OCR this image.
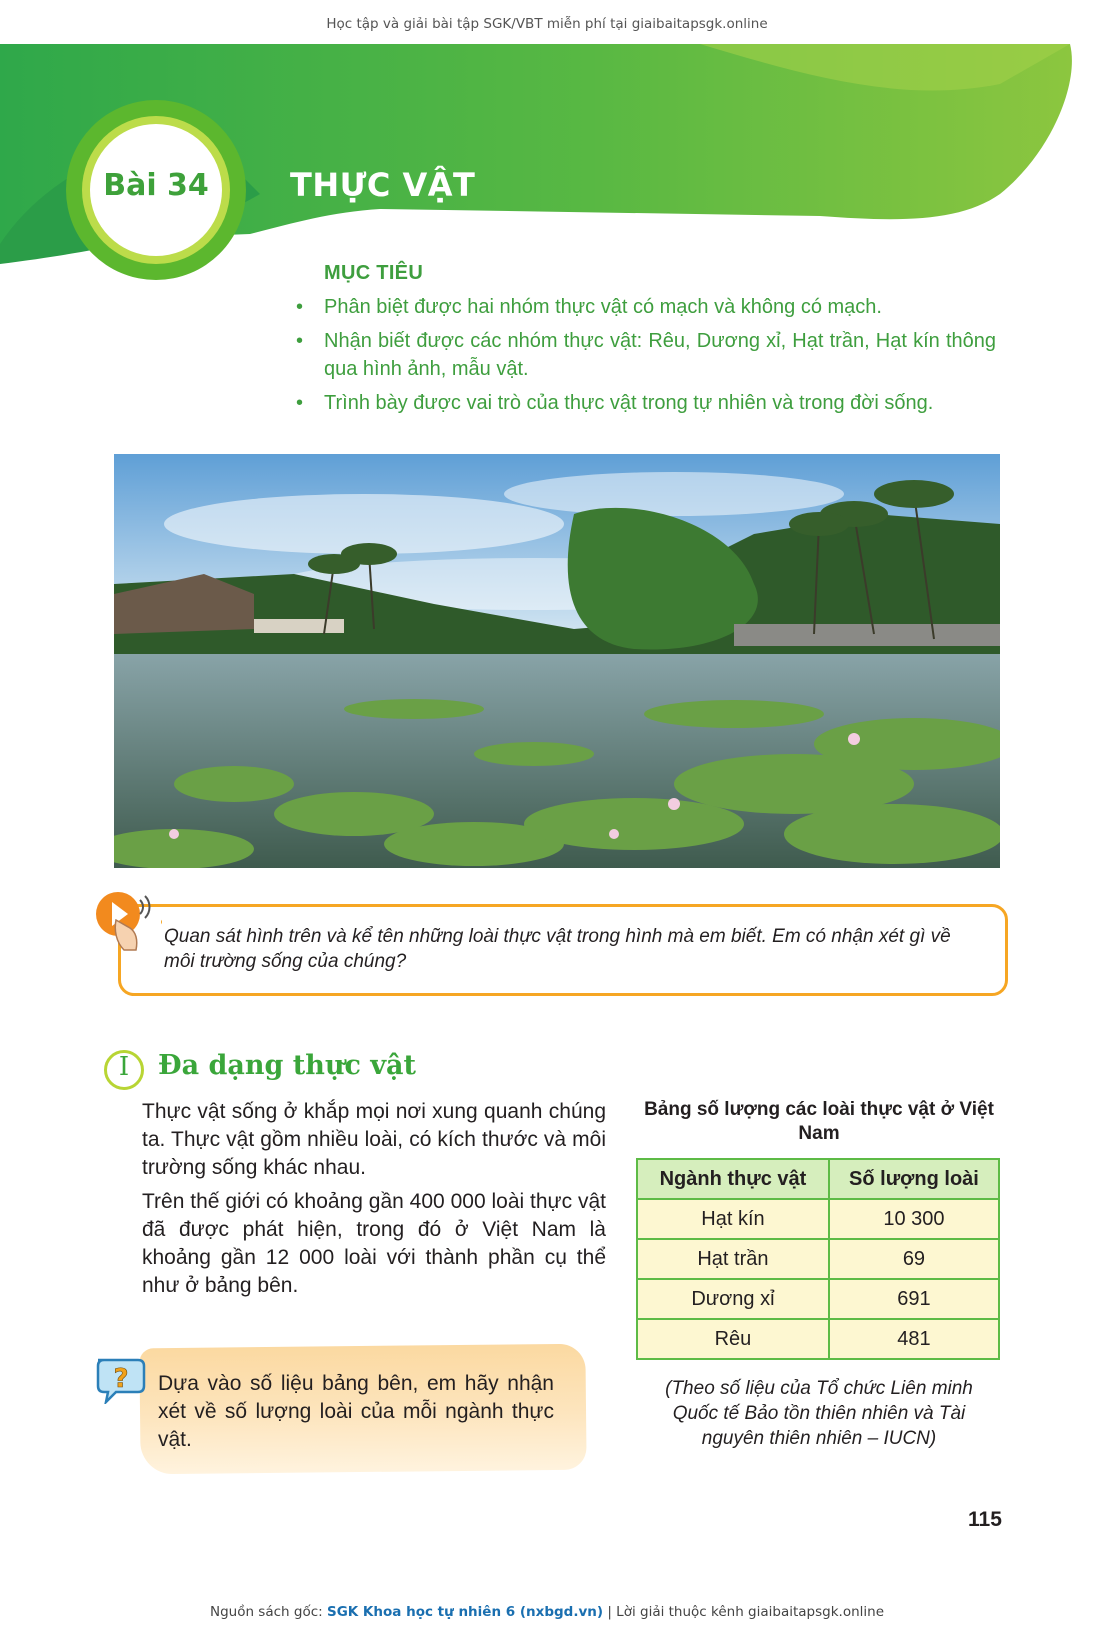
Học tập và giải bài tập SGK/VBT miễn phí tại giaibaitapsgk.online
Bài 34	THỰC VẬT
MỤC TIÊU
• Phân biệt được hai nhóm thực vật có mạch và không có mạch.
• Nhận biết được các nhóm thực vật: Rêu, Dương xỉ, Hạt trần, Hạt kín thông qua hình ảnh, mẫu vật.
• Trình bày được vai trò của thực vật trong tự nhiên và trong đời sống.
Quan sát hình trên và kể tên những loài thực vật trong hình mà em biết. Em có nhận xét gì về môi trường sống của chúng?
I	Đa dạng thực vật

Thực vật sống ở khắp mọi nơi xung quanh chúng ta. Thực vật gồm nhiều loài, có kích thước và môi trường sống khác nhau.

Trên thế giới có khoảng gần 400 000 loài thực vật đã được phát hiện, trong đó ở Việt Nam là khoảng gần 12 000 loài với thành phần cụ thể như ở bảng bên.

Bảng số lượng các loài thực vật ở Việt Nam
Ngành thực vật	Số lượng loài
Hạt kín	10 300
Hạt trần	69
Dương xỉ	691
Rêu	481
(Theo số liệu của Tổ chức Liên minh Quốc tế Bảo tồn thiên nhiên và Tài nguyên thiên nhiên – IUCN)
? Dựa vào số liệu bảng bên, em hãy nhận xét về số lượng loài của mỗi ngành thực vật.
115
Nguồn sách gốc: SGK Khoa học tự nhiên 6 (nxbgd.vn) | Lời giải thuộc kênh giaibaitapsgk.online
